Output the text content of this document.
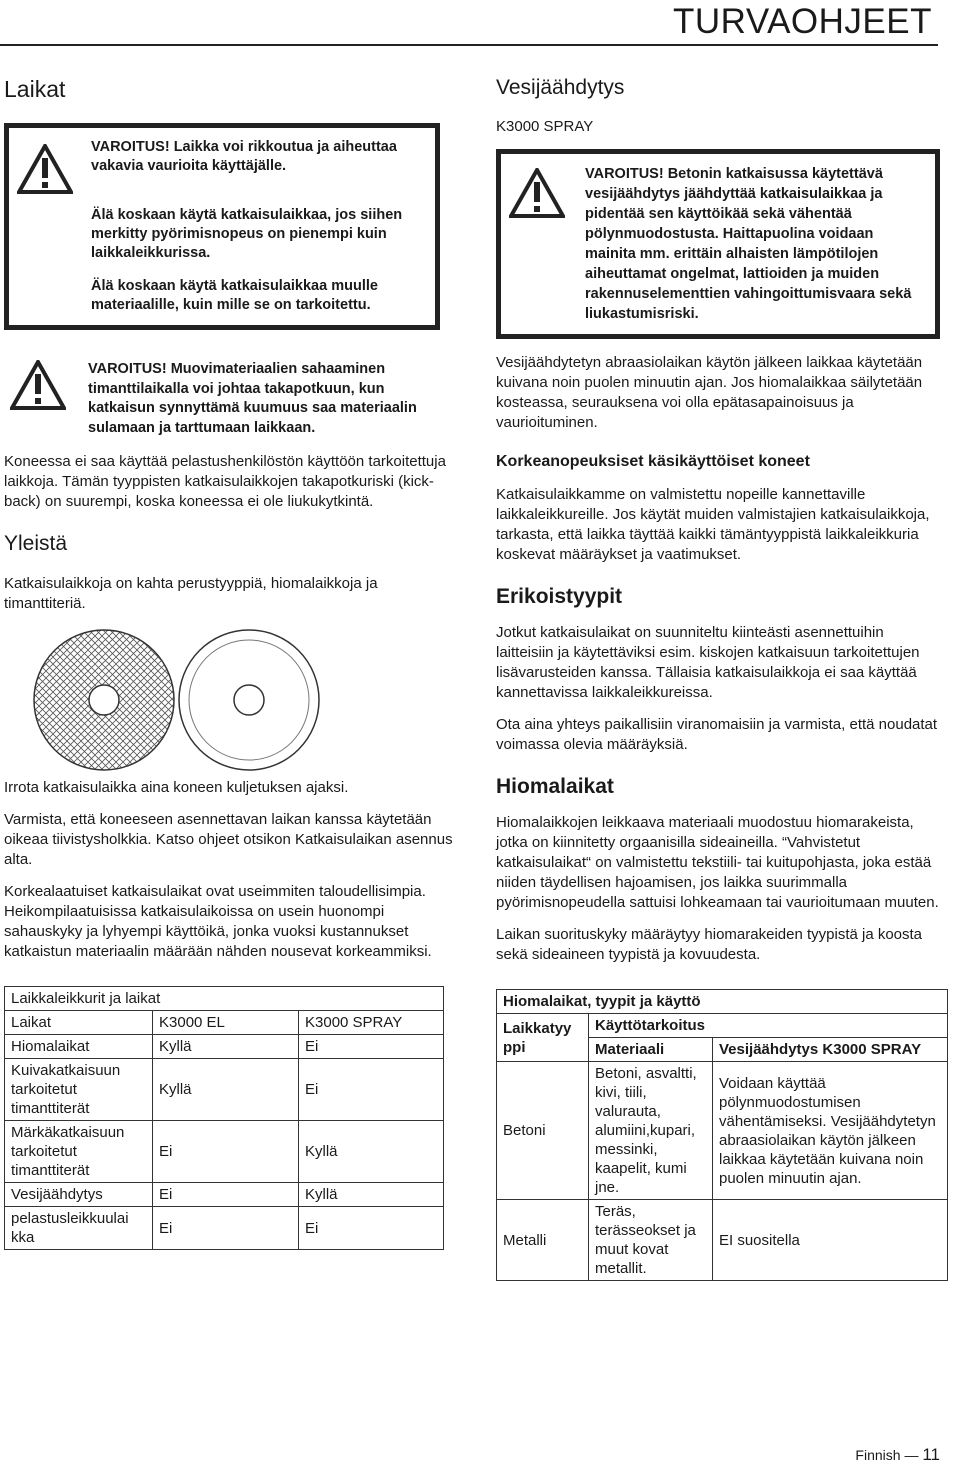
TURVAOHJEET
Laikat
VAROITUS! Laikka voi rikkoutua ja aiheuttaa vakavia vaurioita käyttäjälle.
Älä koskaan käytä katkaisulaikkaa, jos siihen merkitty pyörimisnopeus on pienempi kuin laikkaleikkurissa.
Älä koskaan käytä katkaisulaikkaa muulle materiaalille, kuin mille se on tarkoitettu.
VAROITUS! Muovimateriaalien sahaaminen timanttilaikalla voi johtaa takapotkuun, kun katkaisun synnyttämä kuumuus saa materiaalin sulamaan ja tarttumaan laikkaan.

Koneessa ei saa käyttää pelastushenkilöstön käyttöön tarkoitettuja laikkoja. Tämän tyyppisten katkaisulaikkojen takapotkuriski (kick-back) on suurempi, koska koneessa ei ole liukukytkintä.

Yleistä

Katkaisulaikkoja on kahta perustyyppiä, hiomalaikkoja ja timanttiteriä.

Irrota katkaisulaikka aina koneen kuljetuksen ajaksi.

Varmista, että koneeseen asennettavan laikan kanssa käytetään oikeaa tiivistysholkkia. Katso ohjeet otsikon Katkaisulaikan asennus alta.

Korkealaatuiset katkaisulaikat ovat useimmiten taloudellisimpia. Heikompilaatuisissa katkaisulaikoissa on usein huonompi sahauskyky ja lyhyempi käyttöikä, jonka vuoksi kustannukset katkaistun materiaalin määrään nähden nousevat korkeammiksi.

Laikkaleikkurit ja laikat		
Laikat	K3000 EL	K3000 SPRAY
Hiomalaikat	Kyllä	Ei
Kuivakatkaisuun tarkoitetut timanttiterät	Kyllä	Ei
Märkäkatkaisuun tarkoitetut timanttiterät	Ei	Kyllä
Vesijäähdytys	Ei	Kyllä
pelastusleikkuulai kka	Ei	Ei
Vesijäähdytys
K3000 SPRAY
VAROITUS! Betonin katkaisussa käytettävä vesijäähdytys jäähdyttää katkaisulaikkaa ja pidentää sen käyttöikää sekä vähentää pölynmuodostusta. Haittapuolina voidaan mainita mm. erittäin alhaisten lämpötilojen aiheuttamat ongelmat, lattioiden ja muiden rakennuselementtien vahingoittumisvaara sekä liukastumisriski.

Vesijäähdytetyn abraasiolaikan käytön jälkeen laikkaa käytetään kuivana noin puolen minuutin ajan. Jos hiomalaikkaa säilytetään kosteassa, seurauksena voi olla epätasapainoisuus ja vaurioituminen.

Korkeanopeuksiset käsikäyttöiset koneet

Katkaisulaikkamme on valmistettu nopeille kannettaville laikkaleikkureille. Jos käytät muiden valmistajien katkaisulaikkoja, tarkasta, että laikka täyttää kaikki tämäntyyppistä laikkaleikkuria koskevat määräykset ja vaatimukset.

Erikoistyypit

Jotkut katkaisulaikat on suunniteltu kiinteästi asennettuihin laitteisiin ja käytettäviksi esim. kiskojen katkaisuun tarkoitettujen lisävarusteiden kanssa. Tällaisia katkaisulaikkoja ei saa käyttää kannettavissa laikkaleikkureissa.

Ota aina yhteys paikallisiin viranomaisiin ja varmista, että noudatat voimassa olevia määräyksiä.

Hiomalaikat

Hiomalaikkojen leikkaava materiaali muodostuu hiomarakeista, jotka on kiinnitetty orgaanisilla sideaineilla. “Vahvistetut katkaisulaikat“ on valmistettu tekstiili- tai kuitupohjasta, joka estää niiden täydellisen hajoamisen, jos laikka suurimmalla pyörimisnopeudella sattuisi lohkeamaan tai vaurioitumaan muuten.

Laikan suorituskyky määräytyy hiomarakeiden tyypistä ja koosta sekä sideaineen tyypistä ja kovuudesta.

Hiomalaikat, tyypit ja käyttö		
Laikkatyy ppi	Käyttötarkoitus	
	Materiaali	Vesijäähdytys K3000 SPRAY
Betoni	Betoni, asvaltti, kivi, tiili, valurauta, alumiini,kupari, messinki, kaapelit, kumi jne.	Voidaan käyttää pölynmuodostumisen vähentämiseksi. Vesijäähdytetyn abraasiolaikan käytön jälkeen laikkaa käytetään kuivana noin puolen minuutin ajan.
Metalli	Teräs, terässeokset ja muut kovat metallit.	EI suositella
Finnish — 11
